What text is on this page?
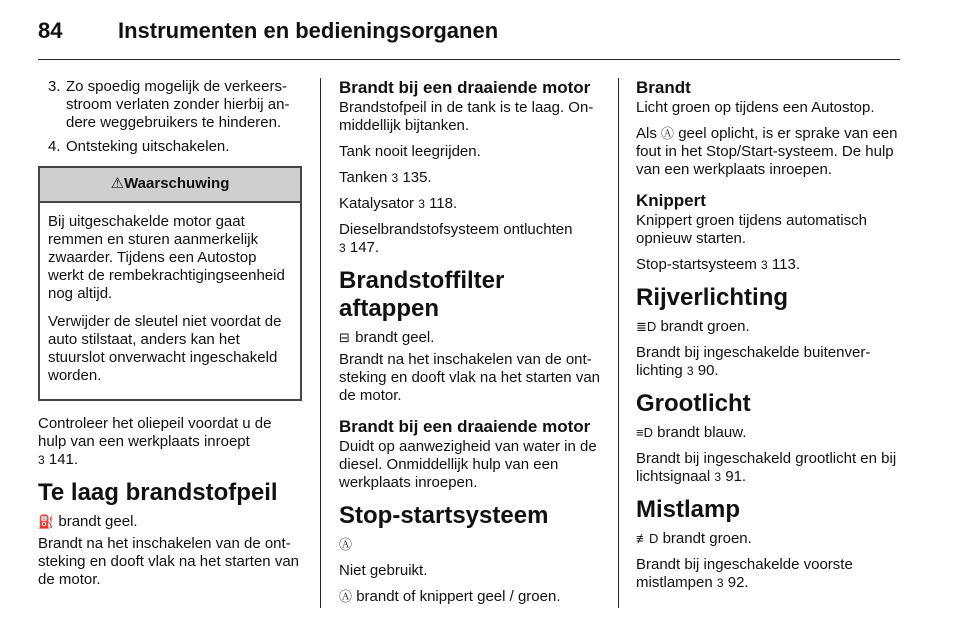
84	Instrumenten en bedieningsorganen
3. Zo spoedig mogelijk de verkeersstroom verlaten zonder hierbij andere weggebruikers te hinderen.
4. Ontsteking uitschakelen.
⚠Waarschuwing

Bij uitgeschakelde motor gaat remmen en sturen aanmerkelijk zwaarder. Tijdens een Autostop werkt de rembekrachtigingseenheid nog altijd.

Verwijder de sleutel niet voordat de auto stilstaat, anders kan het stuurslot onverwacht ingeschakeld worden.

Controleer het oliepeil voordat u de hulp van een werkplaats inroept
3 141.

Te laag brandstofpeil

⛽ brandt geel.

Brandt na het inschakelen van de ontsteking en dooft vlak na het starten van de motor.

Brandt bij een draaiende motor

Brandstofpeil in de tank is te laag. Onmiddellijk bijtanken.

Tank nooit leegrijden.

Tanken 3 135.

Katalysator 3 118.

Dieselbrandstofsysteem ontluchten
3 147.

Brandstoffilter aftappen

⊟ brandt geel.

Brandt na het inschakelen van de ontsteking en dooft vlak na het starten van de motor.

Brandt bij een draaiende motor

Duidt op aanwezigheid van water in de diesel. Onmiddellijk hulp van een werkplaats inroepen.

Stop-startsysteem

Ⓐ

Niet gebruikt.

Ⓐ brandt of knippert geel / groen.

Brandt

Licht groen op tijdens een Autostop.

Als Ⓐ geel oplicht, is er sprake van een fout in het Stop/Start-systeem. De hulp van een werkplaats inroepen.

Knippert

Knippert groen tijdens automatisch opnieuw starten.

Stop-startsysteem 3 113.

Rijverlichting

≣D brandt groen.

Brandt bij ingeschakelde buitenverlichting 3 90.

Grootlicht

≡D brandt blauw.

Brandt bij ingeschakeld grootlicht en bij lichtsignaal 3 91.

Mistlamp

≢D brandt groen.

Brandt bij ingeschakelde voorste mistlampen 3 92.
